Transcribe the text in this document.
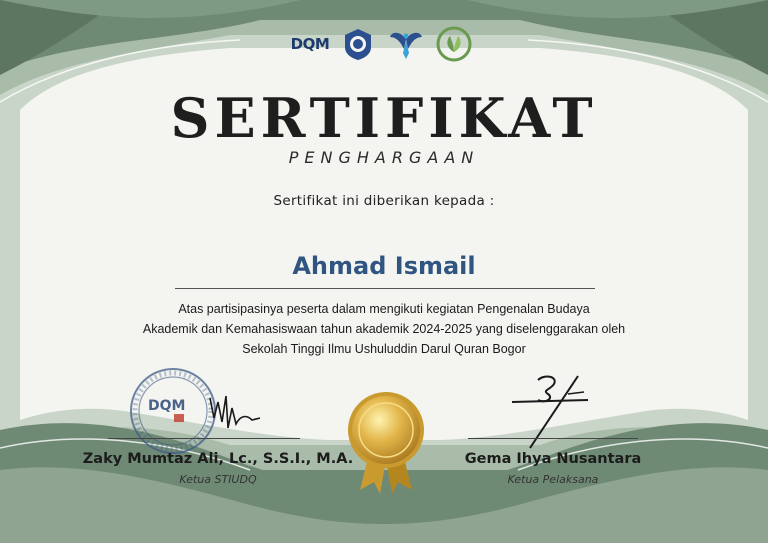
DQM
SERTIFIKAT
PENGHARGAAN
Sertifikat ini diberikan kepada :
Ahmad Ismail
Atas partisipasinya peserta dalam mengikuti kegiatan Pengenalan Budaya
Akademik dan Kemahasiswaan tahun akademik 2024-2025 yang diselenggarakan oleh
Sekolah Tinggi Ilmu Ushuluddin Darul Quran Bogor
DQM
Zaky Mumtaz Ali, Lc., S.S.I., M.A.
Ketua STIUDQ
Gema Ihya Nusantara
Ketua Pelaksana
